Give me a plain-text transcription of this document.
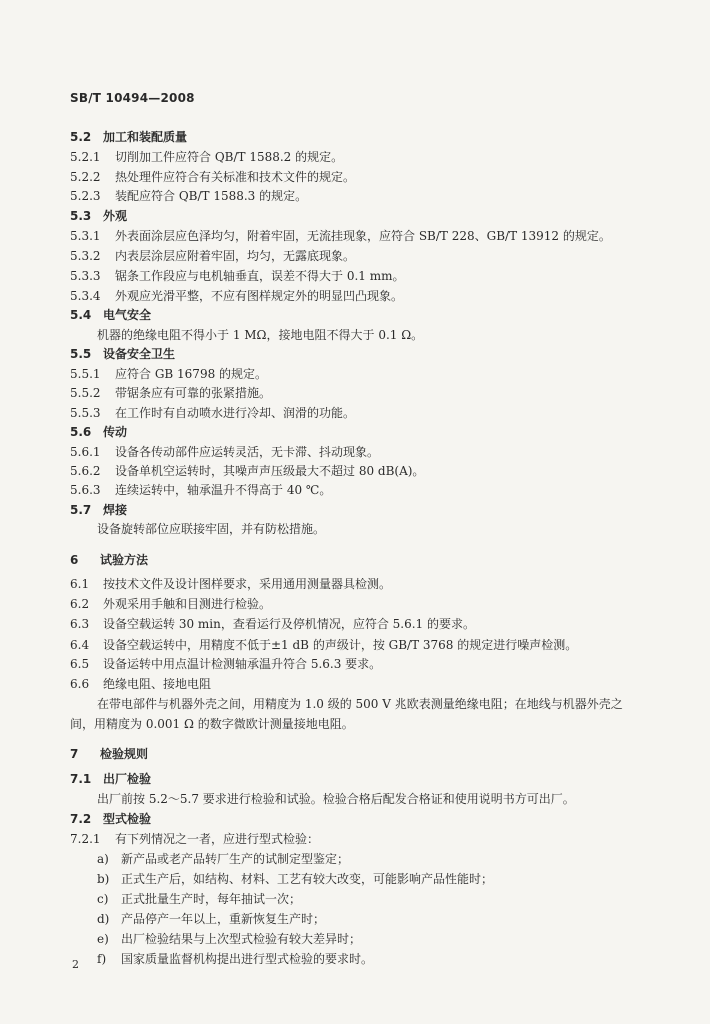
SB/T 10494—2008
5.2 加工和装配质量
5.2.1 切削加工件应符合 QB/T 1588.2 的规定。
5.2.2 热处理件应符合有关标准和技术文件的规定。
5.2.3 装配应符合 QB/T 1588.3 的规定。
5.3 外观
5.3.1 外表面涂层应色泽均匀，附着牢固，无流挂现象，应符合 SB/T 228、GB/T 13912 的规定。
5.3.2 内表层涂层应附着牢固，均匀，无露底现象。
5.3.3 锯条工作段应与电机轴垂直，误差不得大于 0.1 mm。
5.3.4 外观应光滑平整，不应有图样规定外的明显凹凸现象。
5.4 电气安全
机器的绝缘电阻不得小于 1 MΩ，接地电阻不得大于 0.1 Ω。
5.5 设备安全卫生
5.5.1 应符合 GB 16798 的规定。
5.5.2 带锯条应有可靠的张紧措施。
5.5.3 在工作时有自动喷水进行冷却、润滑的功能。
5.6 传动
5.6.1 设备各传动部件应运转灵活，无卡滞、抖动现象。
5.6.2 设备单机空运转时，其噪声声压级最大不超过 80 dB(A)。
5.6.3 连续运转中，轴承温升不得高于 40 ℃。
5.7 焊接
设备旋转部位应联接牢固，并有防松措施。
6 试验方法
6.1 按技术文件及设计图样要求，采用通用测量器具检测。
6.2 外观采用手触和目测进行检验。
6.3 设备空载运转 30 min，查看运行及停机情况，应符合 5.6.1 的要求。
6.4 设备空载运转中，用精度不低于±1 dB 的声级计，按 GB/T 3768 的规定进行噪声检测。
6.5 设备运转中用点温计检测轴承温升符合 5.6.3 要求。
6.6 绝缘电阻、接地电阻
在带电部件与机器外壳之间，用精度为 1.0 级的 500 V 兆欧表测量绝缘电阻；在地线与机器外壳之
间，用精度为 0.001 Ω 的数字微欧计测量接地电阻。
7 检验规则
7.1 出厂检验
出厂前按 5.2～5.7 要求进行检验和试验。检验合格后配发合格证和使用说明书方可出厂。
7.2 型式检验
7.2.1 有下列情况之一者，应进行型式检验：
a) 新产品或老产品转厂生产的试制定型鉴定；
b) 正式生产后，如结构、材料、工艺有较大改变，可能影响产品性能时；
c) 正式批量生产时，每年抽试一次；
d) 产品停产一年以上，重新恢复生产时；
e) 出厂检验结果与上次型式检验有较大差异时；
f) 国家质量监督机构提出进行型式检验的要求时。
2
